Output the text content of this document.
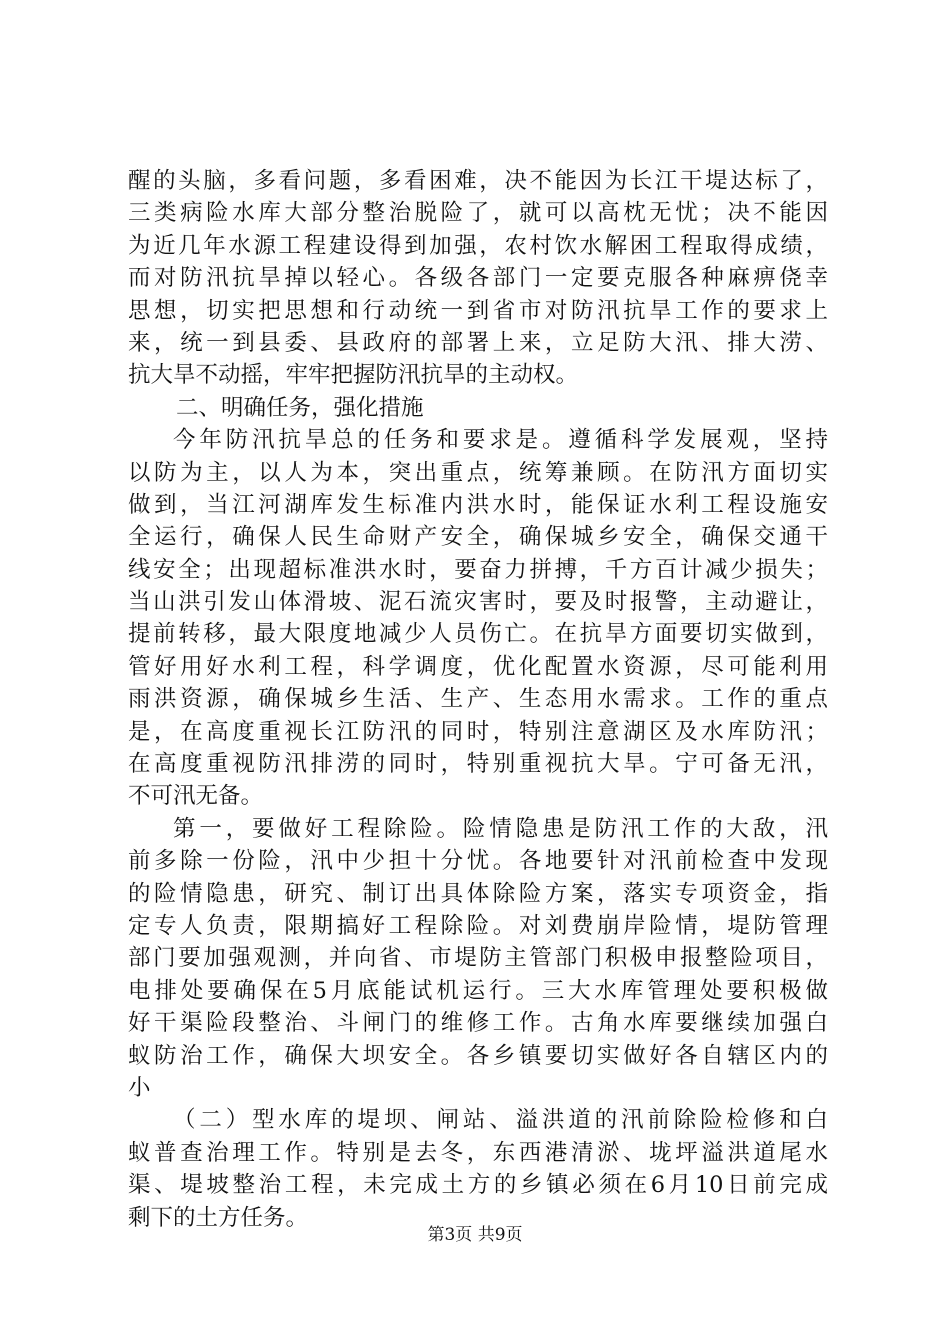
醒的头脑，多看问题，多看困难，决不能因为长江干堤达标了，
三类病险水库大部分整治脱险了，就可以高枕无忧；决不能因
为近几年水源工程建设得到加强，农村饮水解困工程取得成绩，
而对防汛抗旱掉以轻心。各级各部门一定要克服各种麻痹侥幸
思想，切实把思想和行动统一到省市对防汛抗旱工作的要求上
来，统一到县委、县政府的部署上来，立足防大汛、排大涝、
抗大旱不动摇，牢牢把握防汛抗旱的主动权。
二、明确任务，强化措施
今年防汛抗旱总的任务和要求是。遵循科学发展观，坚持
以防为主，以人为本，突出重点，统筹兼顾。在防汛方面切实
做到，当江河湖库发生标准内洪水时，能保证水利工程设施安
全运行，确保人民生命财产安全，确保城乡安全，确保交通干
线安全；出现超标准洪水时，要奋力拼搏，千方百计减少损失；
当山洪引发山体滑坡、泥石流灾害时，要及时报警，主动避让，
提前转移，最大限度地减少人员伤亡。在抗旱方面要切实做到，
管好用好水利工程，科学调度，优化配置水资源，尽可能利用
雨洪资源，确保城乡生活、生产、生态用水需求。工作的重点
是，在高度重视长江防汛的同时，特别注意湖区及水库防汛；
在高度重视防汛排涝的同时，特别重视抗大旱。宁可备无汛，
不可汛无备。
第一，要做好工程除险。险情隐患是防汛工作的大敌，汛
前多除一份险，汛中少担十分忧。各地要针对汛前检查中发现
的险情隐患，研究、制订出具体除险方案，落实专项资金，指
定专人负责，限期搞好工程除险。对刘费崩岸险情，堤防管理
部门要加强观测，并向省、市堤防主管部门积极申报整险项目，
电排处要确保在5月底能试机运行。三大水库管理处要积极做
好干渠险段整治、斗闸门的维修工作。古角水库要继续加强白
蚁防治工作，确保大坝安全。各乡镇要切实做好各自辖区内的
小
（二）型水库的堤坝、闸站、溢洪道的汛前除险检修和白
蚁普查治理工作。特别是去冬，东西港清淤、垅坪溢洪道尾水
渠、堤坡整治工程，未完成土方的乡镇必须在6月10日前完成
剩下的土方任务。
第3页 共9页
